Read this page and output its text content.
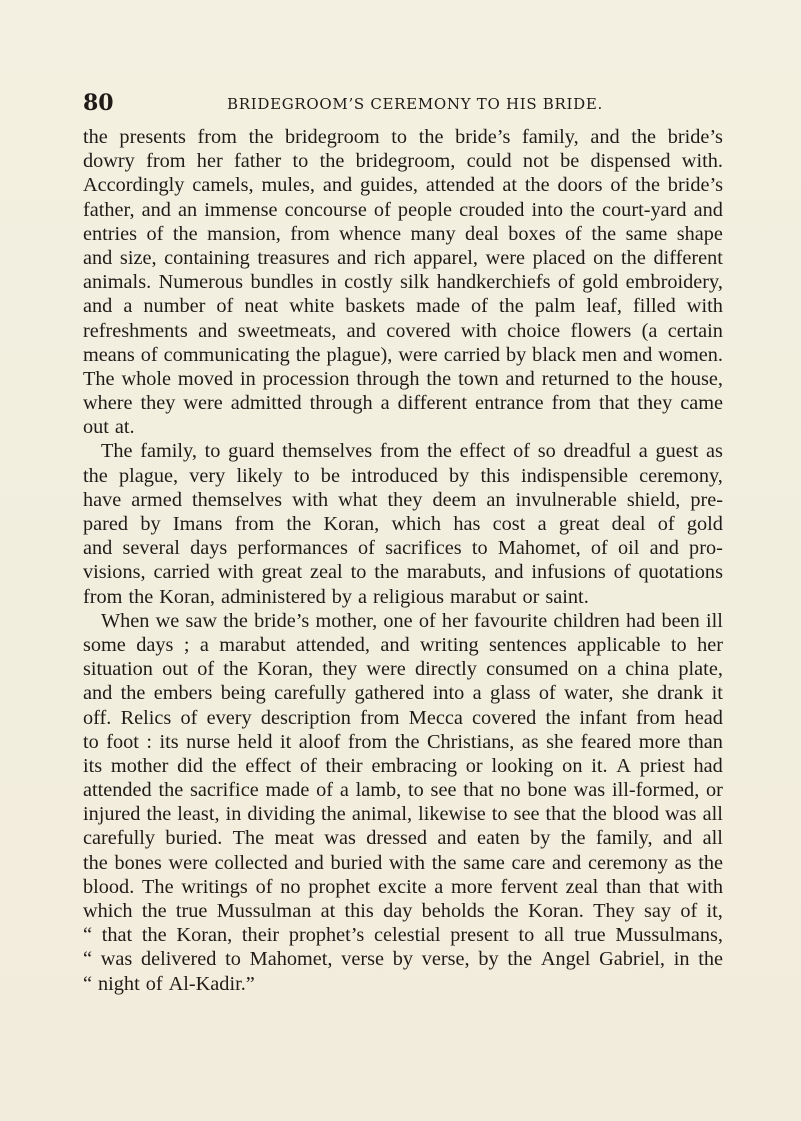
80	BRIDEGROOM’S CEREMONY TO HIS BRIDE.
the presents from the bridegroom to the bride’s family, and the bride’s
dowry from her father to the bridegroom, could not be dispensed with.
Accordingly camels, mules, and guides, attended at the doors of the bride’s
father, and an immense concourse of people crouded into the court-yard and
entries of the mansion, from whence many deal boxes of the same shape
and size, containing treasures and rich apparel, were placed on the different
animals. Numerous bundles in costly silk handkerchiefs of gold embroidery,
and a number of neat white baskets made of the palm leaf, filled with
refreshments and sweetmeats, and covered with choice flowers (a certain
means of communicating the plague), were carried by black men and women.
The whole moved in procession through the town and returned to the house,
where they were admitted through a different entrance from that they came
out at.
The family, to guard themselves from the effect of so dreadful a guest as
the plague, very likely to be introduced by this indispensible ceremony,
have armed themselves with what they deem an invulnerable shield, pre-
pared by Imans from the Koran, which has cost a great deal of gold
and several days performances of sacrifices to Mahomet, of oil and pro-
visions, carried with great zeal to the marabuts, and infusions of quotations
from the Koran, administered by a religious marabut or saint.
When we saw the bride’s mother, one of her favourite children had been ill
some days ; a marabut attended, and writing sentences applicable to her
situation out of the Koran, they were directly consumed on a china plate,
and the embers being carefully gathered into a glass of water, she drank it
off. Relics of every description from Mecca covered the infant from head
to foot : its nurse held it aloof from the Christians, as she feared more than
its mother did the effect of their embracing or looking on it. A priest had
attended the sacrifice made of a lamb, to see that no bone was ill-formed, or
injured the least, in dividing the animal, likewise to see that the blood was all
carefully buried. The meat was dressed and eaten by the family, and all
the bones were collected and buried with the same care and ceremony as the
blood. The writings of no prophet excite a more fervent zeal than that with
which the true Mussulman at this day beholds the Koran. They say of it,
“ that the Koran, their prophet’s celestial present to all true Mussulmans,
“ was delivered to Mahomet, verse by verse, by the Angel Gabriel, in the
“ night of Al-Kadir.”
